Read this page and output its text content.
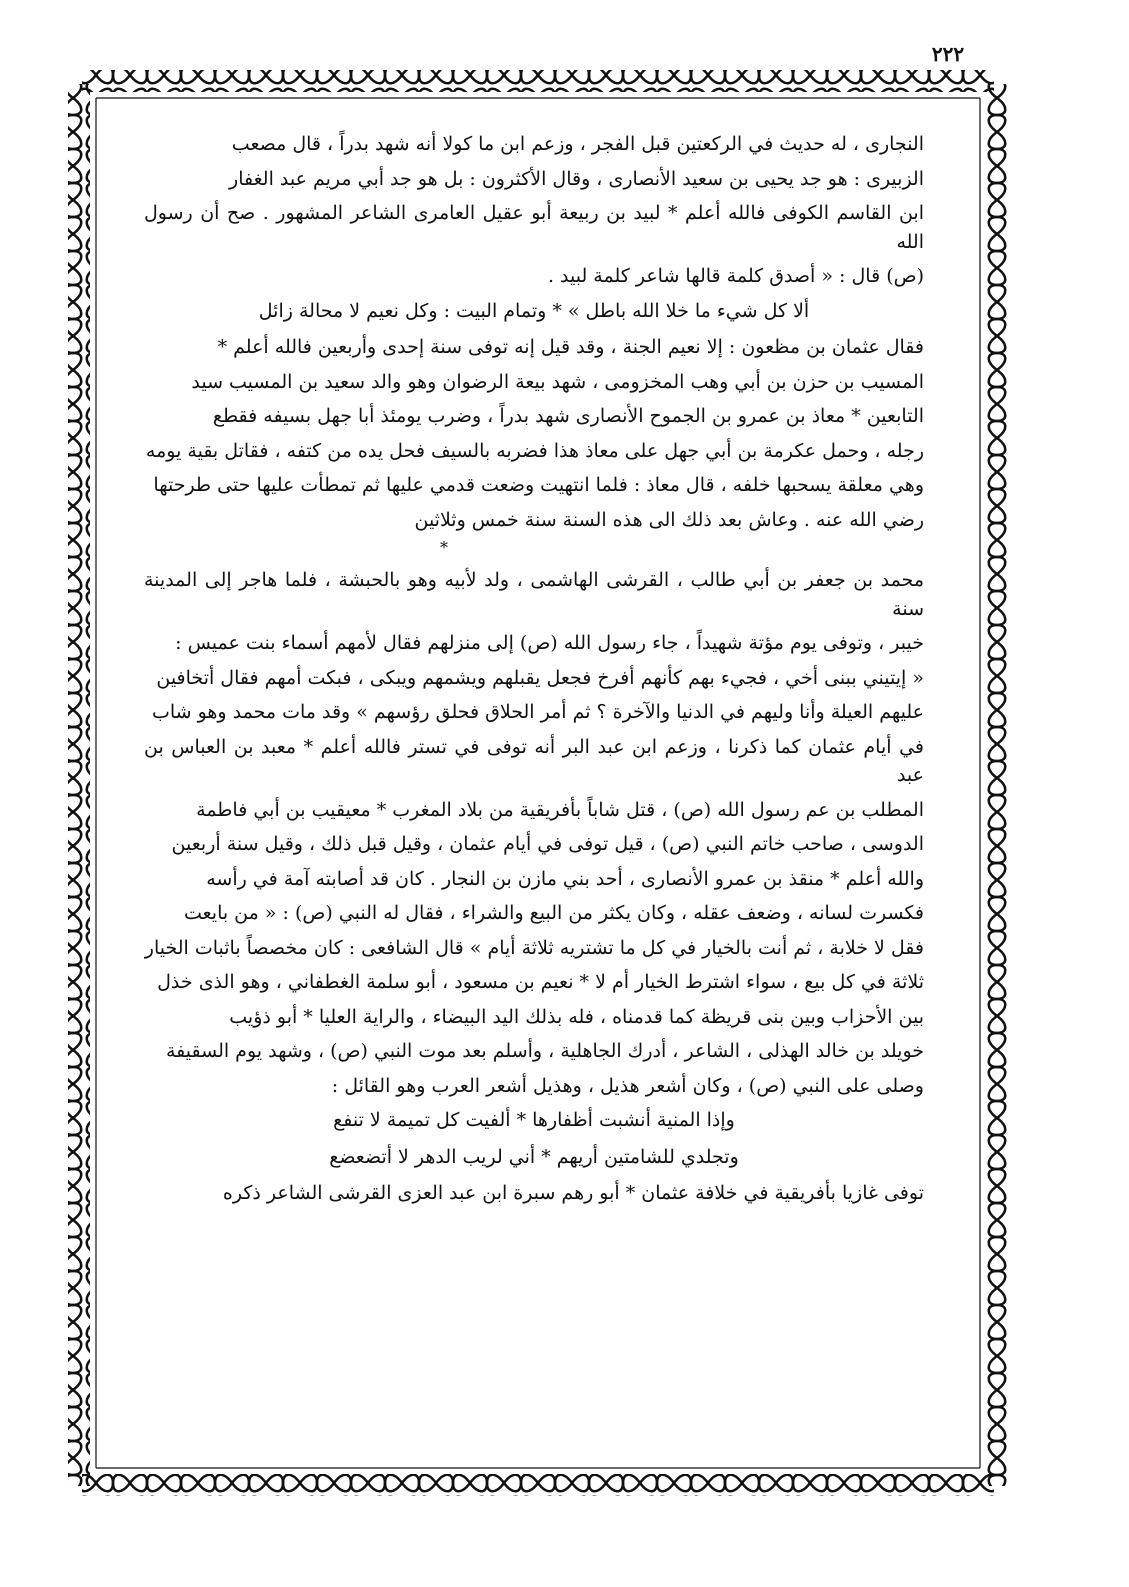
٢٢٢

النجارى ، له حديث في الركعتين قبل الفجر ، وزعم ابن ما كولا أنه شهد بدراً ، قال مصعب

الزبيرى : هو جد يحيى بن سعيد الأنصارى ، وقال الأكثرون : بل هو جد أبي مريم عبد الغفار

ابن القاسم الكوفى فالله أعلم * لبيد بن ربيعة أبو عقيل العامرى الشاعر المشهور . صح أن رسول الله

(ص) قال : « أصدق كلمة قالها شاعر كلمة لبيد .

ألا كل شيء ما خلا الله باطل » * وتمام البيت : وكل نعيم لا محالة زائل

فقال عثمان بن مظعون : إلا نعيم الجنة ، وقد قيل إنه توفى سنة إحدى وأربعين فالله أعلم *

المسيب بن حزن بن أبي وهب المخزومى ، شهد بيعة الرضوان وهو والد سعيد بن المسيب سيد

التابعين * معاذ بن عمرو بن الجموح الأنصارى شهد بدراً ، وضرب يومئذ أبا جهل بسيفه فقطع

رجله ، وحمل عكرمة بن أبي جهل على معاذ هذا فضربه بالسيف فحل يده من كتفه ، فقاتل بقية يومه

وهي معلقة يسحبها خلفه ، قال معاذ : فلما انتهيت وضعت قدمي عليها ثم تمطأت عليها حتى طرحتها

رضي الله عنه . وعاش بعد ذلك الى هذه السنة سنة خمس وثلاثين

*

محمد بن جعفر بن أبي طالب ، القرشى الهاشمى ، ولد لأبيه وهو بالحبشة ، فلما هاجر إلى المدينة سنة

خيبر ، وتوفى يوم مؤتة شهيداً ، جاء رسول الله (ص) إلى منزلهم فقال لأمهم أسماء بنت عميس :

« إيتيني ببنى أخي ، فجيء بهم كأنهم أفرخ فجعل يقبلهم ويشمهم ويبكى ، فبكت أمهم فقال أتخافين

عليهم العيلة وأنا وليهم في الدنيا والآخرة ؟ ثم أمر الحلاق فحلق رؤسهم » وقد مات محمد وهو شاب

في أيام عثمان كما ذكرنا ، وزعم ابن عبد البر أنه توفى في تستر فالله أعلم * معبد بن العباس بن عبد

المطلب بن عم رسول الله (ص) ، قتل شاباً بأفريقية من بلاد المغرب * معيقيب بن أبي فاطمة

الدوسى ، صاحب خاتم النبي (ص) ، قيل توفى في أيام عثمان ، وقيل قبل ذلك ، وقيل سنة أربعين

والله أعلم * منقذ بن عمرو الأنصارى ، أحد بني مازن بن النجار . كان قد أصابته آمة في رأسه

فكسرت لسانه ، وضعف عقله ، وكان يكثر من البيع والشراء ، فقال له النبي (ص) : « من بايعت

فقل لا خلابة ، ثم أنت بالخيار في كل ما تشتريه ثلاثة أيام » قال الشافعى : كان مخصصاً باثبات الخيار

ثلاثة في كل بيع ، سواء اشترط الخيار أم لا * نعيم بن مسعود ، أبو سلمة الغطفاني ، وهو الذى خذل

بين الأحزاب وبين بنى قريظة كما قدمناه ، فله بذلك اليد البيضاء ، والراية العليا * أبو ذؤيب

خويلد بن خالد الهذلى ، الشاعر ، أدرك الجاهلية ، وأسلم بعد موت النبي (ص) ، وشهد يوم السقيفة

وصلى على النبي (ص) ، وكان أشعر هذيل ، وهذيل أشعر العرب وهو القائل :

وإذا المنية أنشبت أظفارها * ألفيت كل تميمة لا تنفع

وتجلدي للشامتين أريهم * أني لريب الدهر لا أتضعضع

توفى غازيا بأفريقية في خلافة عثمان * أبو رهم سبرة ابن عبد العزى القرشى الشاعر ذكره
